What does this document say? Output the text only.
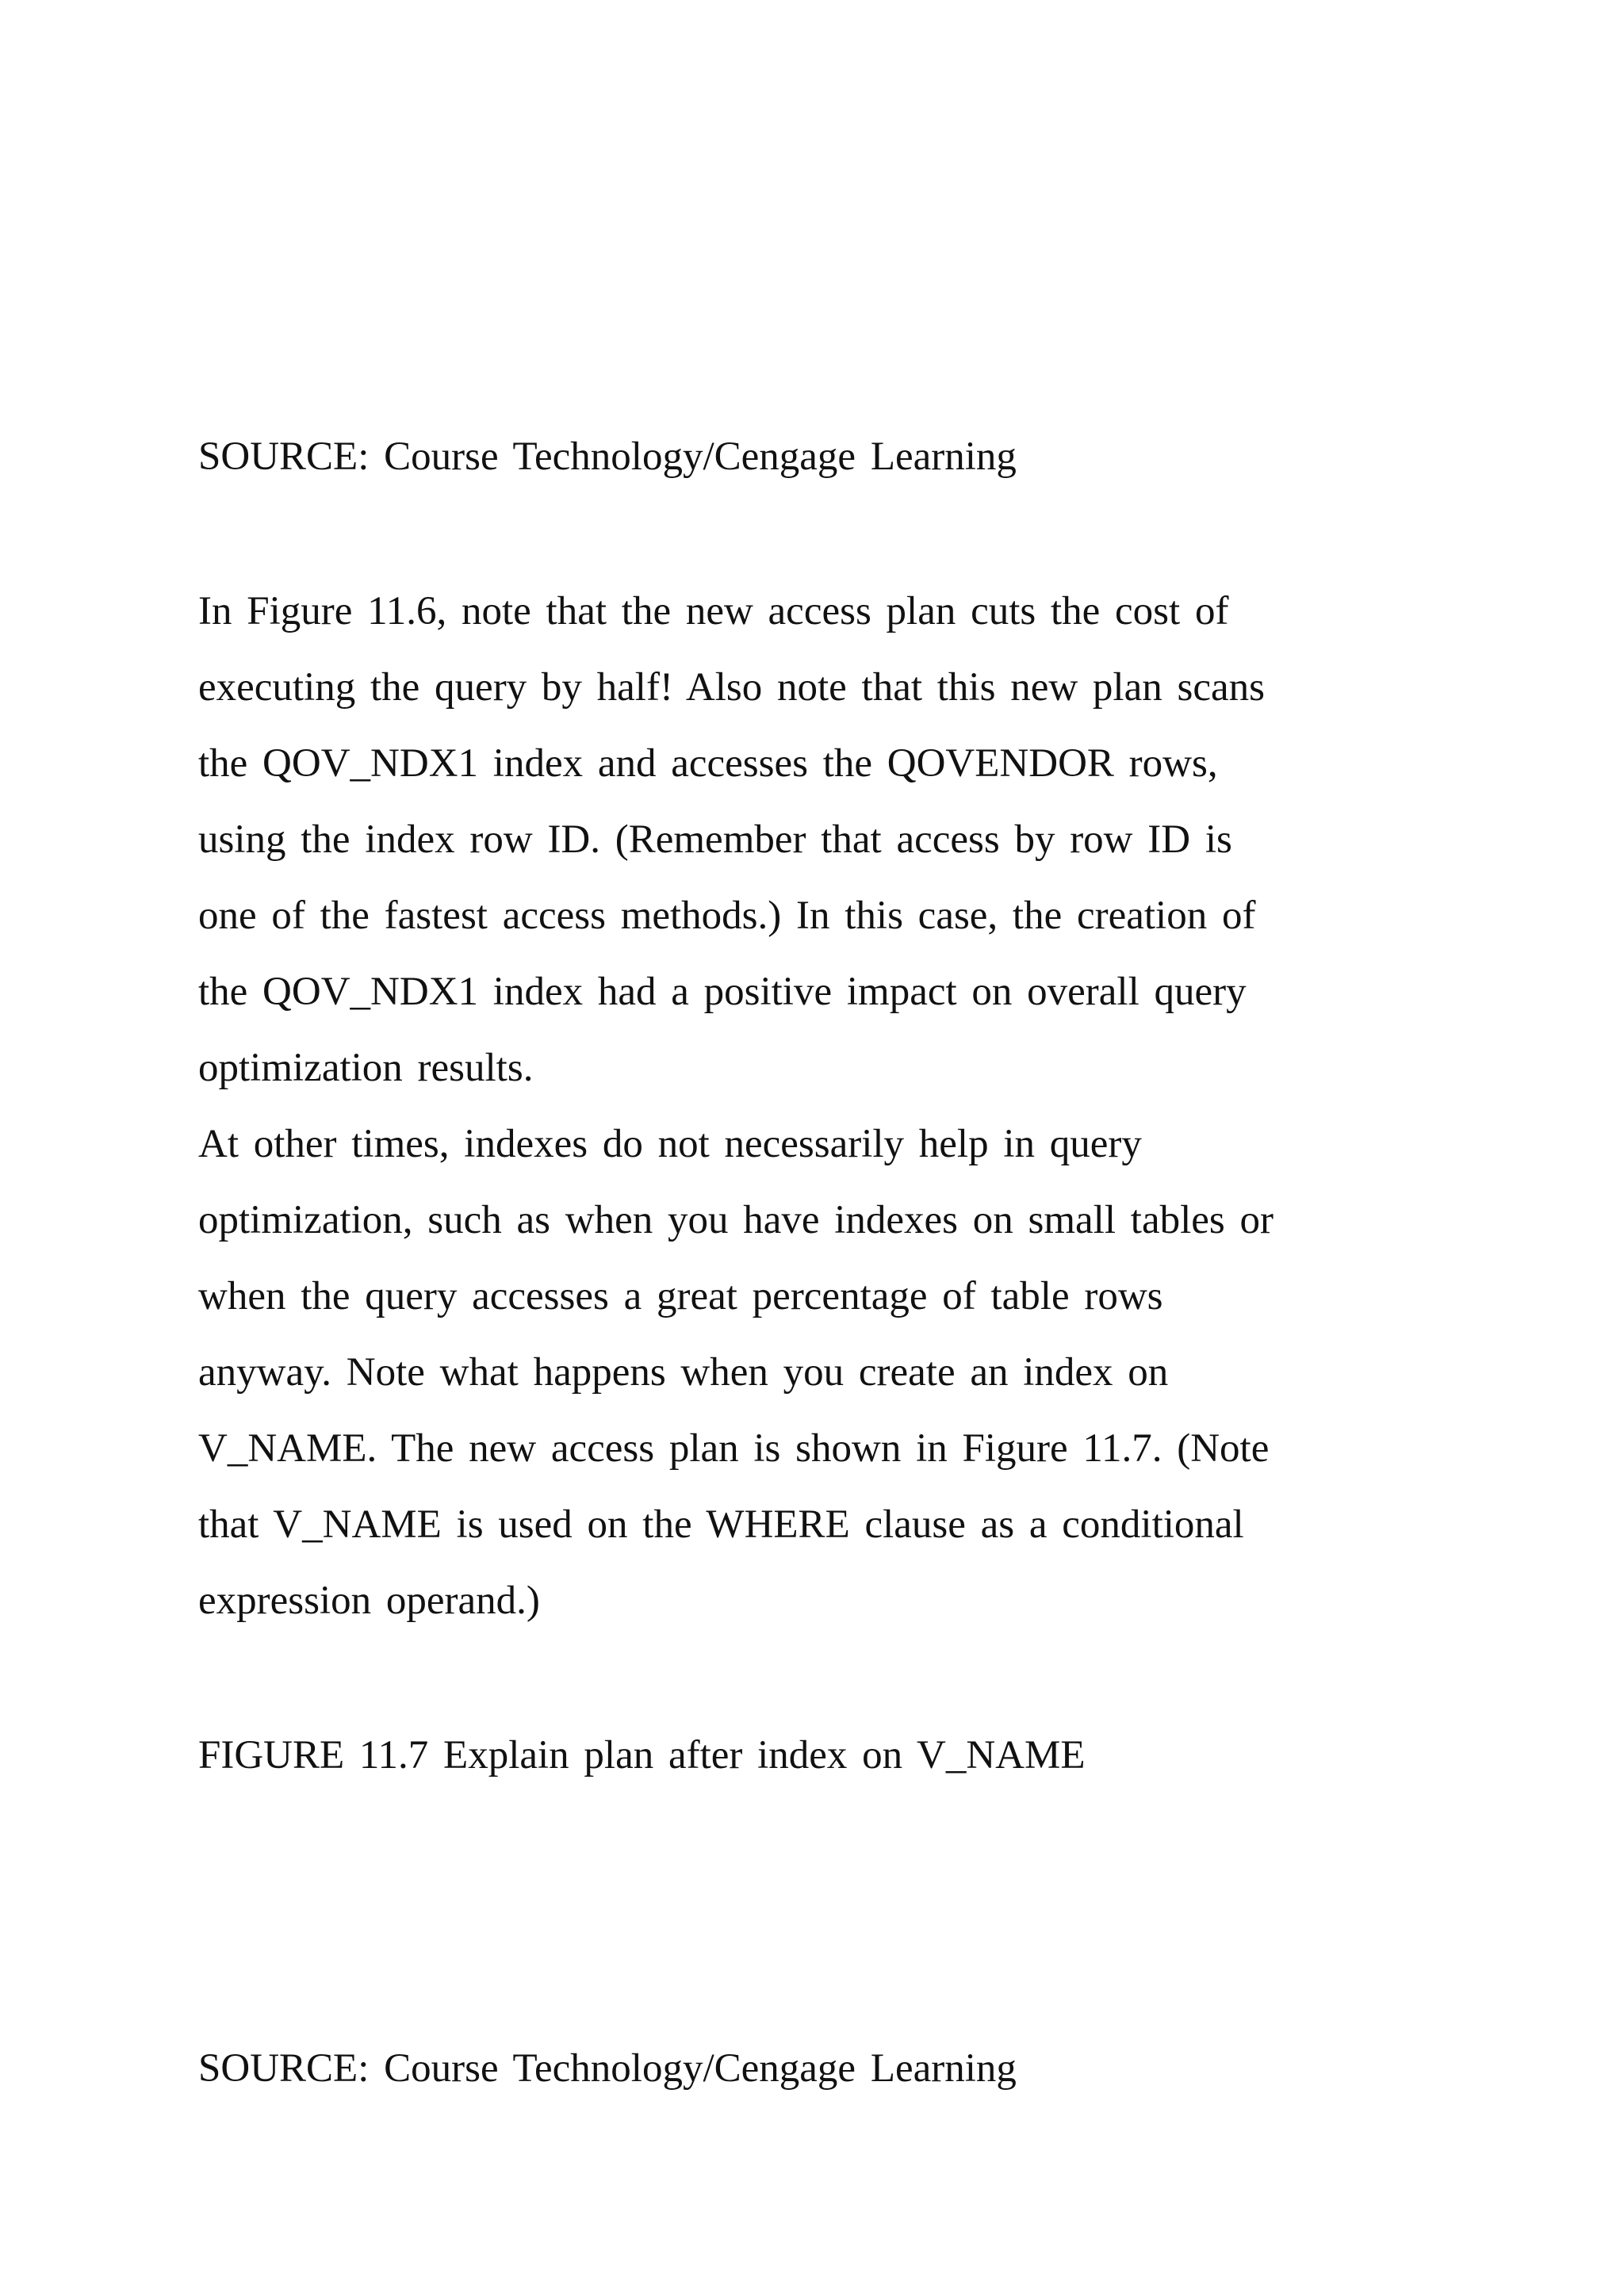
SOURCE: Course Technology/Cengage Learning
In Figure 11.6, note that the new access plan cuts the cost of
executing the query by half! Also note that this new plan scans
the QOV_NDX1 index and accesses the QOVENDOR rows,
using the index row ID. (Remember that access by row ID is
one of the fastest access methods.) In this case, the creation of
the QOV_NDX1 index had a positive impact on overall query
optimization results.
At other times, indexes do not necessarily help in query
optimization, such as when you have indexes on small tables or
when the query accesses a great percentage of table rows
anyway. Note what happens when you create an index on
V_NAME. The new access plan is shown in Figure 11.7. (Note
that V_NAME is used on the WHERE clause as a conditional
expression operand.)
FIGURE 11.7 Explain plan after index on V_NAME
SOURCE: Course Technology/Cengage Learning
